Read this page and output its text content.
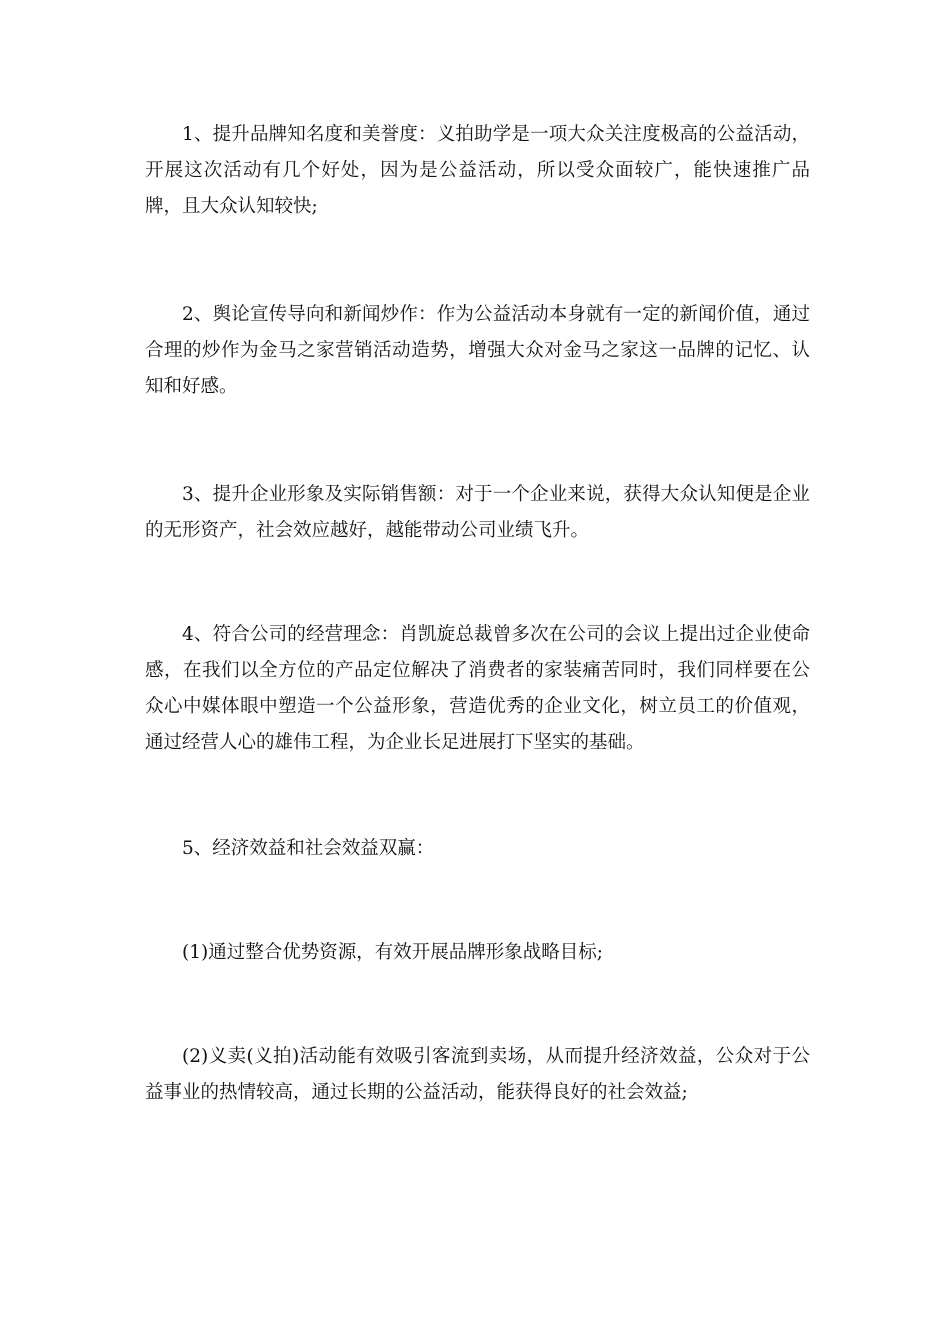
1、提升品牌知名度和美誉度：义拍助学是一项大众关注度极高的公益活动，开展这次活动有几个好处，因为是公益活动，所以受众面较广，能快速推广品牌，且大众认知较快;

2、舆论宣传导向和新闻炒作：作为公益活动本身就有一定的新闻价值，通过合理的炒作为金马之家营销活动造势，增强大众对金马之家这一品牌的记忆、认知和好感。

3、提升企业形象及实际销售额：对于一个企业来说，获得大众认知便是企业的无形资产，社会效应越好，越能带动公司业绩飞升。

4、符合公司的经营理念：肖凯旋总裁曾多次在公司的会议上提出过企业使命感，在我们以全方位的产品定位解决了消费者的家装痛苦同时，我们同样要在公众心中媒体眼中塑造一个公益形象，营造优秀的企业文化，树立员工的价值观，通过经营人心的雄伟工程，为企业长足进展打下坚实的基础。

5、经济效益和社会效益双赢：

(1)通过整合优势资源，有效开展品牌形象战略目标;

(2)义卖(义拍)活动能有效吸引客流到卖场，从而提升经济效益，公众对于公益事业的热情较高，通过长期的公益活动，能获得良好的社会效益;
